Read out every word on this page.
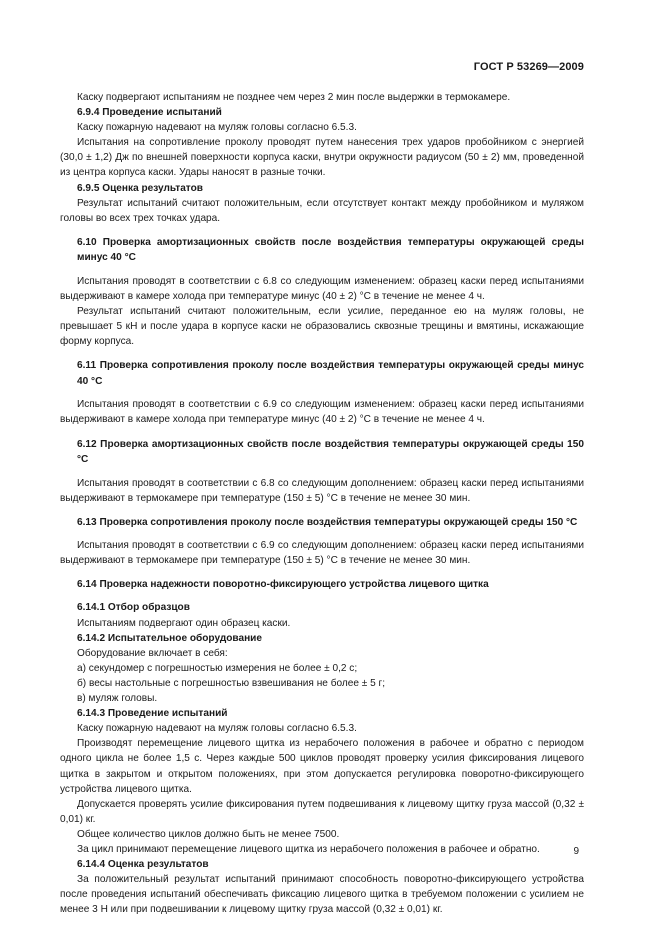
ГОСТ Р 53269—2009

Каску подвергают испытаниям не позднее чем через 2 мин после выдержки в термокамере.

6.9.4 Проведение испытаний

Каску пожарную надевают на муляж головы согласно 6.5.3.

Испытания на сопротивление проколу проводят путем нанесения трех ударов пробойником с энергией (30,0 ± 1,2) Дж по внешней поверхности корпуса каски, внутри окружности радиусом (50 ± 2) мм, проведенной из центра корпуса каски. Удары наносят в разные точки.

6.9.5 Оценка результатов

Результат испытаний считают положительным, если отсутствует контакт между пробойником и муляжом головы во всех трех точках удара.

6.10 Проверка амортизационных свойств после воздействия температуры окружающей среды минус 40 °С

Испытания проводят в соответствии с 6.8 со следующим изменением: образец каски перед испытаниями выдерживают в камере холода при температуре минус (40 ± 2) °С в течение не менее 4 ч.

Результат испытаний считают положительным, если усилие, переданное ею на муляж головы, не превышает 5 кН и после удара в корпусе каски не образовались сквозные трещины и вмятины, искажающие форму корпуса.

6.11 Проверка сопротивления проколу после воздействия температуры окружающей среды минус 40 °С

Испытания проводят в соответствии с 6.9 со следующим изменением: образец каски перед испытаниями выдерживают в камере холода при температуре минус (40 ± 2) °С в течение не менее 4 ч.

6.12 Проверка амортизационных свойств после воздействия температуры окружающей среды 150 °С

Испытания проводят в соответствии с 6.8 со следующим дополнением: образец каски перед испытаниями выдерживают в термокамере при температуре (150 ± 5) °С в течение не менее 30 мин.

6.13 Проверка сопротивления проколу после воздействия температуры окружающей среды 150 °С

Испытания проводят в соответствии с 6.9 со следующим дополнением: образец каски перед испытаниями выдерживают в термокамере при температуре (150 ± 5) °С в течение не менее 30 мин.

6.14 Проверка надежности поворотно-фиксирующего устройства лицевого щитка

6.14.1 Отбор образцов

Испытаниям подвергают один образец каски.

6.14.2 Испытательное оборудование

Оборудование включает в себя:

а) секундомер с погрешностью измерения не более ± 0,2 с;

б) весы настольные с погрешностью взвешивания не более ± 5 г;

в) муляж головы.

6.14.3 Проведение испытаний

Каску пожарную надевают на муляж головы согласно 6.5.3.

Производят перемещение лицевого щитка из нерабочего положения в рабочее и обратно с периодом одного цикла не более 1,5 с. Через каждые 500 циклов проводят проверку усилия фиксирования лицевого щитка в закрытом и открытом положениях, при этом допускается регулировка поворотно-фиксирующего устройства лицевого щитка.

Допускается проверять усилие фиксирования путем подвешивания к лицевому щитку груза массой (0,32 ± 0,01) кг.

Общее количество циклов должно быть не менее 7500.

За цикл принимают перемещение лицевого щитка из нерабочего положения в рабочее и обратно.

6.14.4 Оценка результатов

За положительный результат испытаний принимают способность поворотно-фиксирующего устройства после проведения испытаний обеспечивать фиксацию лицевого щитка в требуемом положении с усилием не менее 3 Н или при подвешивании к лицевому щитку груза массой (0,32 ± 0,01) кг.

9
